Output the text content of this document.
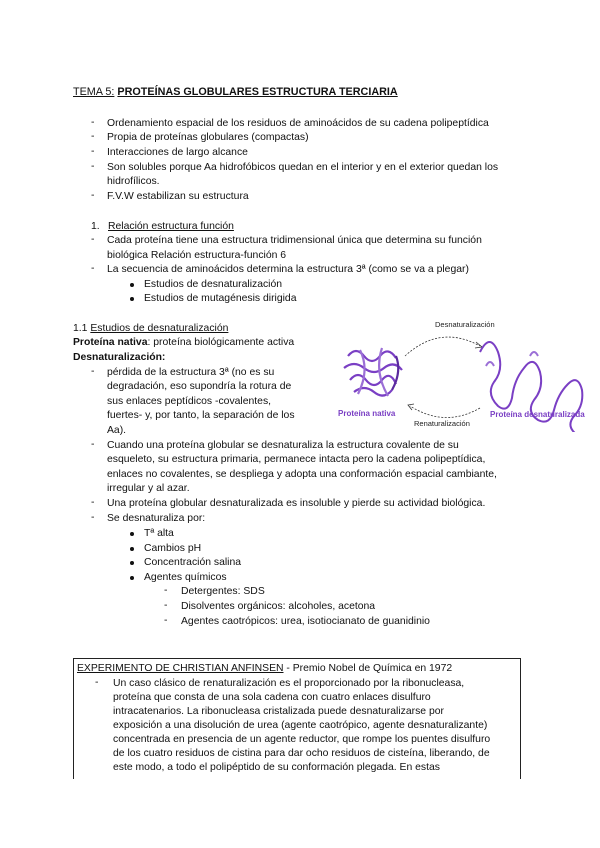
TEMA 5: PROTEÍNAS GLOBULARES ESTRUCTURA TERCIARIA
- Ordenamiento espacial de los residuos de aminoácidos de su cadena polipeptídica
- Propia de proteínas globulares (compactas)
- Interacciones de largo alcance
- Son solubles porque Aa hidrofóbicos quedan en el interior y en el exterior quedan los
hidrofílicos.
- F.V.W estabilizan su estructura
1. Relación estructura función
- Cada proteína tiene una estructura tridimensional única que determina su función
biológica Relación estructura-función 6
- La secuencia de aminoácidos determina la estructura 3ª (como se va a plegar)
Estudios de desnaturalización
Estudios de mutagénesis dirigida
1.1 Estudios de desnaturalización
Proteína nativa: proteína biológicamente activa
Desnaturalización:
- pérdida de la estructura 3ª (no es su
degradación, eso supondría la rotura de
sus enlaces peptídicos -covalentes,
fuertes- y, por tanto, la separación de los
Aa).
- Cuando una proteína globular se desnaturaliza la estructura covalente de su
esqueleto, su estructura primaria, permanece intacta pero la cadena polipeptídica,
enlaces no covalentes, se despliega y adopta una conformación espacial cambiante,
irregular y al azar.
- Una proteína globular desnaturalizada es insoluble y pierde su actividad biológica.
- Se desnaturaliza por:
Tª alta
Cambios pH
Concentración salina
Agentes químicos
- Detergentes: SDS
- Disolventes orgánicos: alcoholes, acetona
- Agentes caotrópicos: urea, isotiocianato de guanidinio
Desnaturalización
Proteína nativa
Renaturalización
Proteína desnaturalizada
EXPERIMENTO DE CHRISTIAN ANFINSEN - Premio Nobel de Química en 1972
- Un caso clásico de renaturalización es el proporcionado por la ribonucleasa,
proteína que consta de una sola cadena con cuatro enlaces disulfuro
intracatenarios. La ribonucleasa cristalizada puede desnaturalizarse por
exposición a una disolución de urea (agente caotrópico, agente desnaturalizante)
concentrada en presencia de un agente reductor, que rompe los puentes disulfuro
de los cuatro residuos de cistina para dar ocho residuos de cisteína, liberando, de
este modo, a todo el polipéptido de su conformación plegada. En estas
